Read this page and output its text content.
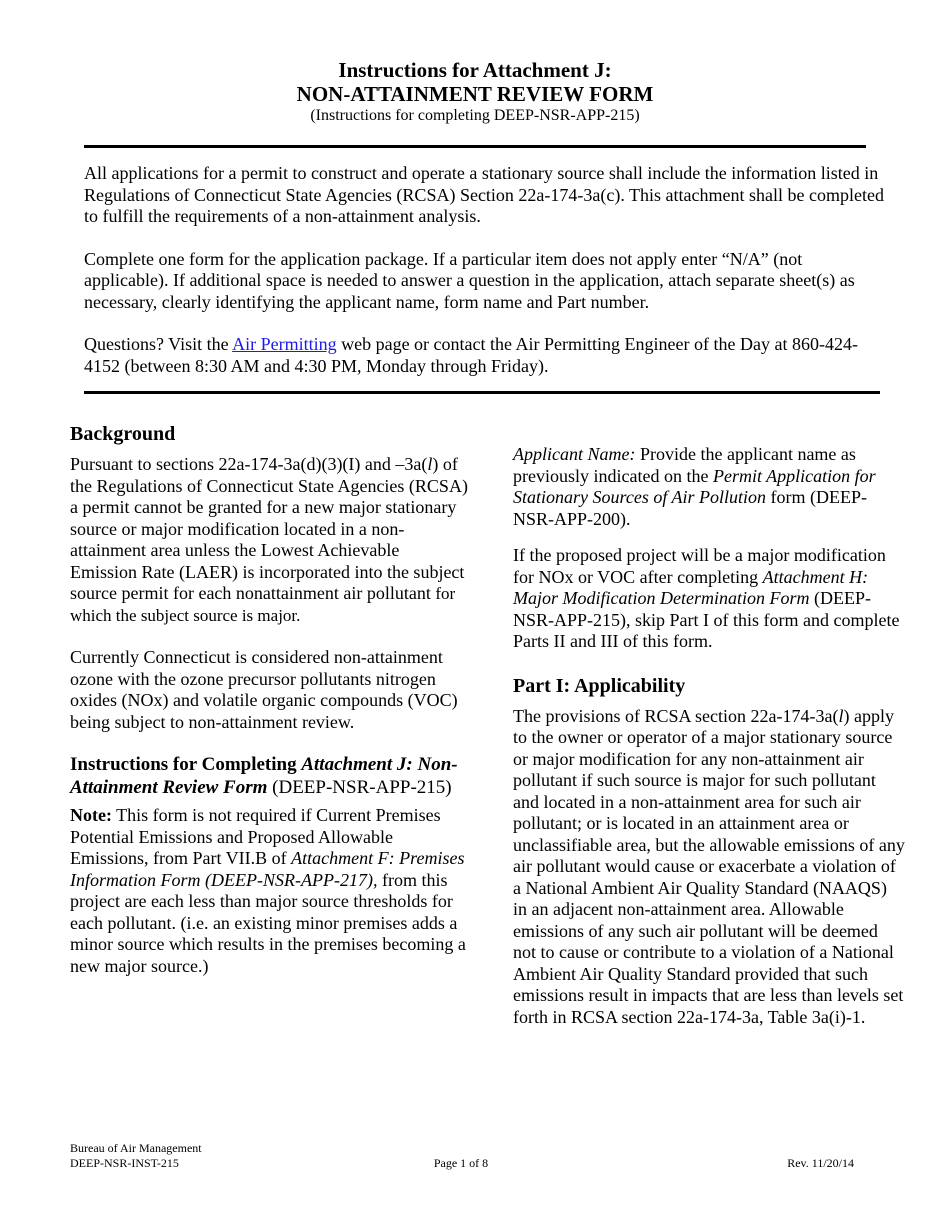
Instructions for Attachment J:
NON-ATTAINMENT REVIEW FORM
(Instructions for completing DEEP-NSR-APP-215)

All applications for a permit to construct and operate a stationary source shall include the information listed in Regulations of Connecticut State Agencies (RCSA) Section 22a-174-3a(c). This attachment shall be completed to fulfill the requirements of a non-attainment analysis.

Complete one form for the application package. If a particular item does not apply enter “N/A” (not applicable). If additional space is needed to answer a question in the application, attach separate sheet(s) as necessary, clearly identifying the applicant name, form name and Part number.

Questions? Visit the Air Permitting web page or contact the Air Permitting Engineer of the Day at 860-424-4152 (between 8:30 AM and 4:30 PM, Monday through Friday).

Background

Pursuant to sections 22a-174-3a(d)(3)(I) and –3a(l) of the Regulations of Connecticut State Agencies (RCSA) a permit cannot be granted for a new major stationary source or major modification located in a non-attainment area unless the Lowest Achievable Emission Rate (LAER) is incorporated into the subject source permit for each nonattainment air pollutant for which the subject source is major.

Currently Connecticut is considered non-attainment ozone with the ozone precursor pollutants nitrogen oxides (NOx) and volatile organic compounds (VOC) being subject to non-attainment review.

Instructions for Completing Attachment J: Non-Attainment Review Form (DEEP-NSR-APP-215)

Note: This form is not required if Current Premises Potential Emissions and Proposed Allowable Emissions, from Part VII.B of Attachment F: Premises Information Form (DEEP-NSR-APP-217), from this project are each less than major source thresholds for each pollutant. (i.e. an existing minor premises adds a minor source which results in the premises becoming a new major source.)

Applicant Name: Provide the applicant name as previously indicated on the Permit Application for Stationary Sources of Air Pollution form (DEEP-NSR-APP-200).

If the proposed project will be a major modification for NOx or VOC after completing Attachment H: Major Modification Determination Form (DEEP-NSR-APP-215), skip Part I of this form and complete Parts II and III of this form.

Part I: Applicability

The provisions of RCSA section 22a-174-3a(l) apply to the owner or operator of a major stationary source or major modification for any non-attainment air pollutant if such source is major for such pollutant and located in a non-attainment area for such air pollutant; or is located in an attainment area or unclassifiable area, but the allowable emissions of any air pollutant would cause or exacerbate a violation of a National Ambient Air Quality Standard (NAAQS) in an adjacent non-attainment area. Allowable emissions of any such air pollutant will be deemed not to cause or contribute to a violation of a National Ambient Air Quality Standard provided that such emissions result in impacts that are less than levels set forth in RCSA section 22a-174-3a, Table 3a(i)-1.

Bureau of Air Management
DEEP-NSR-INST-215	Page 1 of 8	Rev. 11/20/14
